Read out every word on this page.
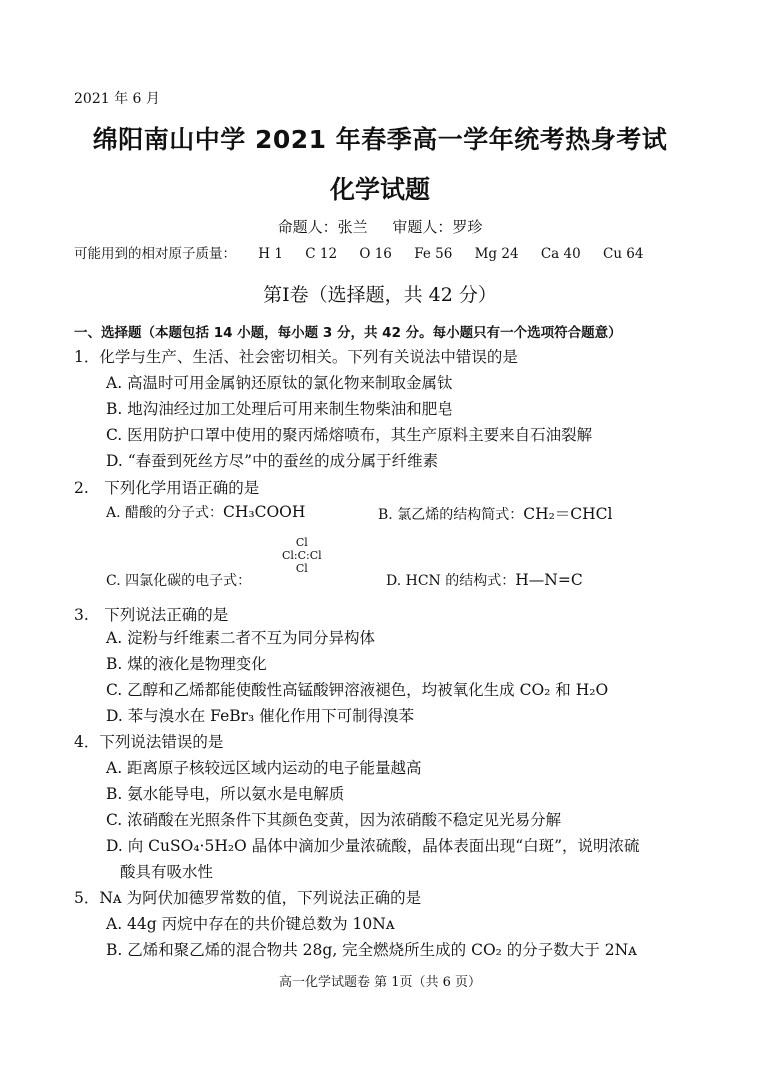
2021 年 6 月
绵阳南山中学 2021 年春季高一学年统考热身考试
化学试题
命题人：张兰 审题人：罗珍
可能用到的相对原子质量： H 1 C 12 O 16 Fe 56 Mg 24 Ca 40 Cu 64
第Ⅰ卷（选择题，共 42 分）
一、选择题（本题包括 14 小题，每小题 3 分，共 42 分。每小题只有一个选项符合题意）
1．化学与生产、生活、社会密切相关。下列有关说法中错误的是
A. 高温时可用金属钠还原钛的氯化物来制取金属钛
B. 地沟油经过加工处理后可用来制生物柴油和肥皂
C. 医用防护口罩中使用的聚丙烯熔喷布，其生产原料主要来自石油裂解
D. “春蚕到死丝方尽”中的蚕丝的成分属于纤维素
2.　下列化学用语正确的是
A. 醋酸的分子式：CH₃COOH	B. 氯乙烯的结构简式：CH₂＝CHCl
Cl
Cl:C:Cl
Cl
C. 四氯化碳的电子式：	D. HCN 的结构式：H—N=C
3.　下列说法正确的是
A. 淀粉与纤维素二者不互为同分异构体
B. 煤的液化是物理变化
C. 乙醇和乙烯都能使酸性高锰酸钾溶液褪色，均被氧化生成 CO₂ 和 H₂O
D. 苯与溴水在 FeBr₃ 催化作用下可制得溴苯
4．下列说法错误的是
A. 距离原子核较远区域内运动的电子能量越高
B. 氨水能导电，所以氨水是电解质
C. 浓硝酸在光照条件下其颜色变黄，因为浓硝酸不稳定见光易分解
D. 向 CuSO₄·5H₂O 晶体中滴加少量浓硫酸，晶体表面出现“白斑”，说明浓硫
酸具有吸水性
5．Nᴀ 为阿伏加德罗常数的值，下列说法正确的是
A. 44g 丙烷中存在的共价键总数为 10Nᴀ
B. 乙烯和聚乙烯的混合物共 28g, 完全燃烧所生成的 CO₂ 的分子数大于 2Nᴀ
高一化学试题卷 第 1页（共 6 页）
